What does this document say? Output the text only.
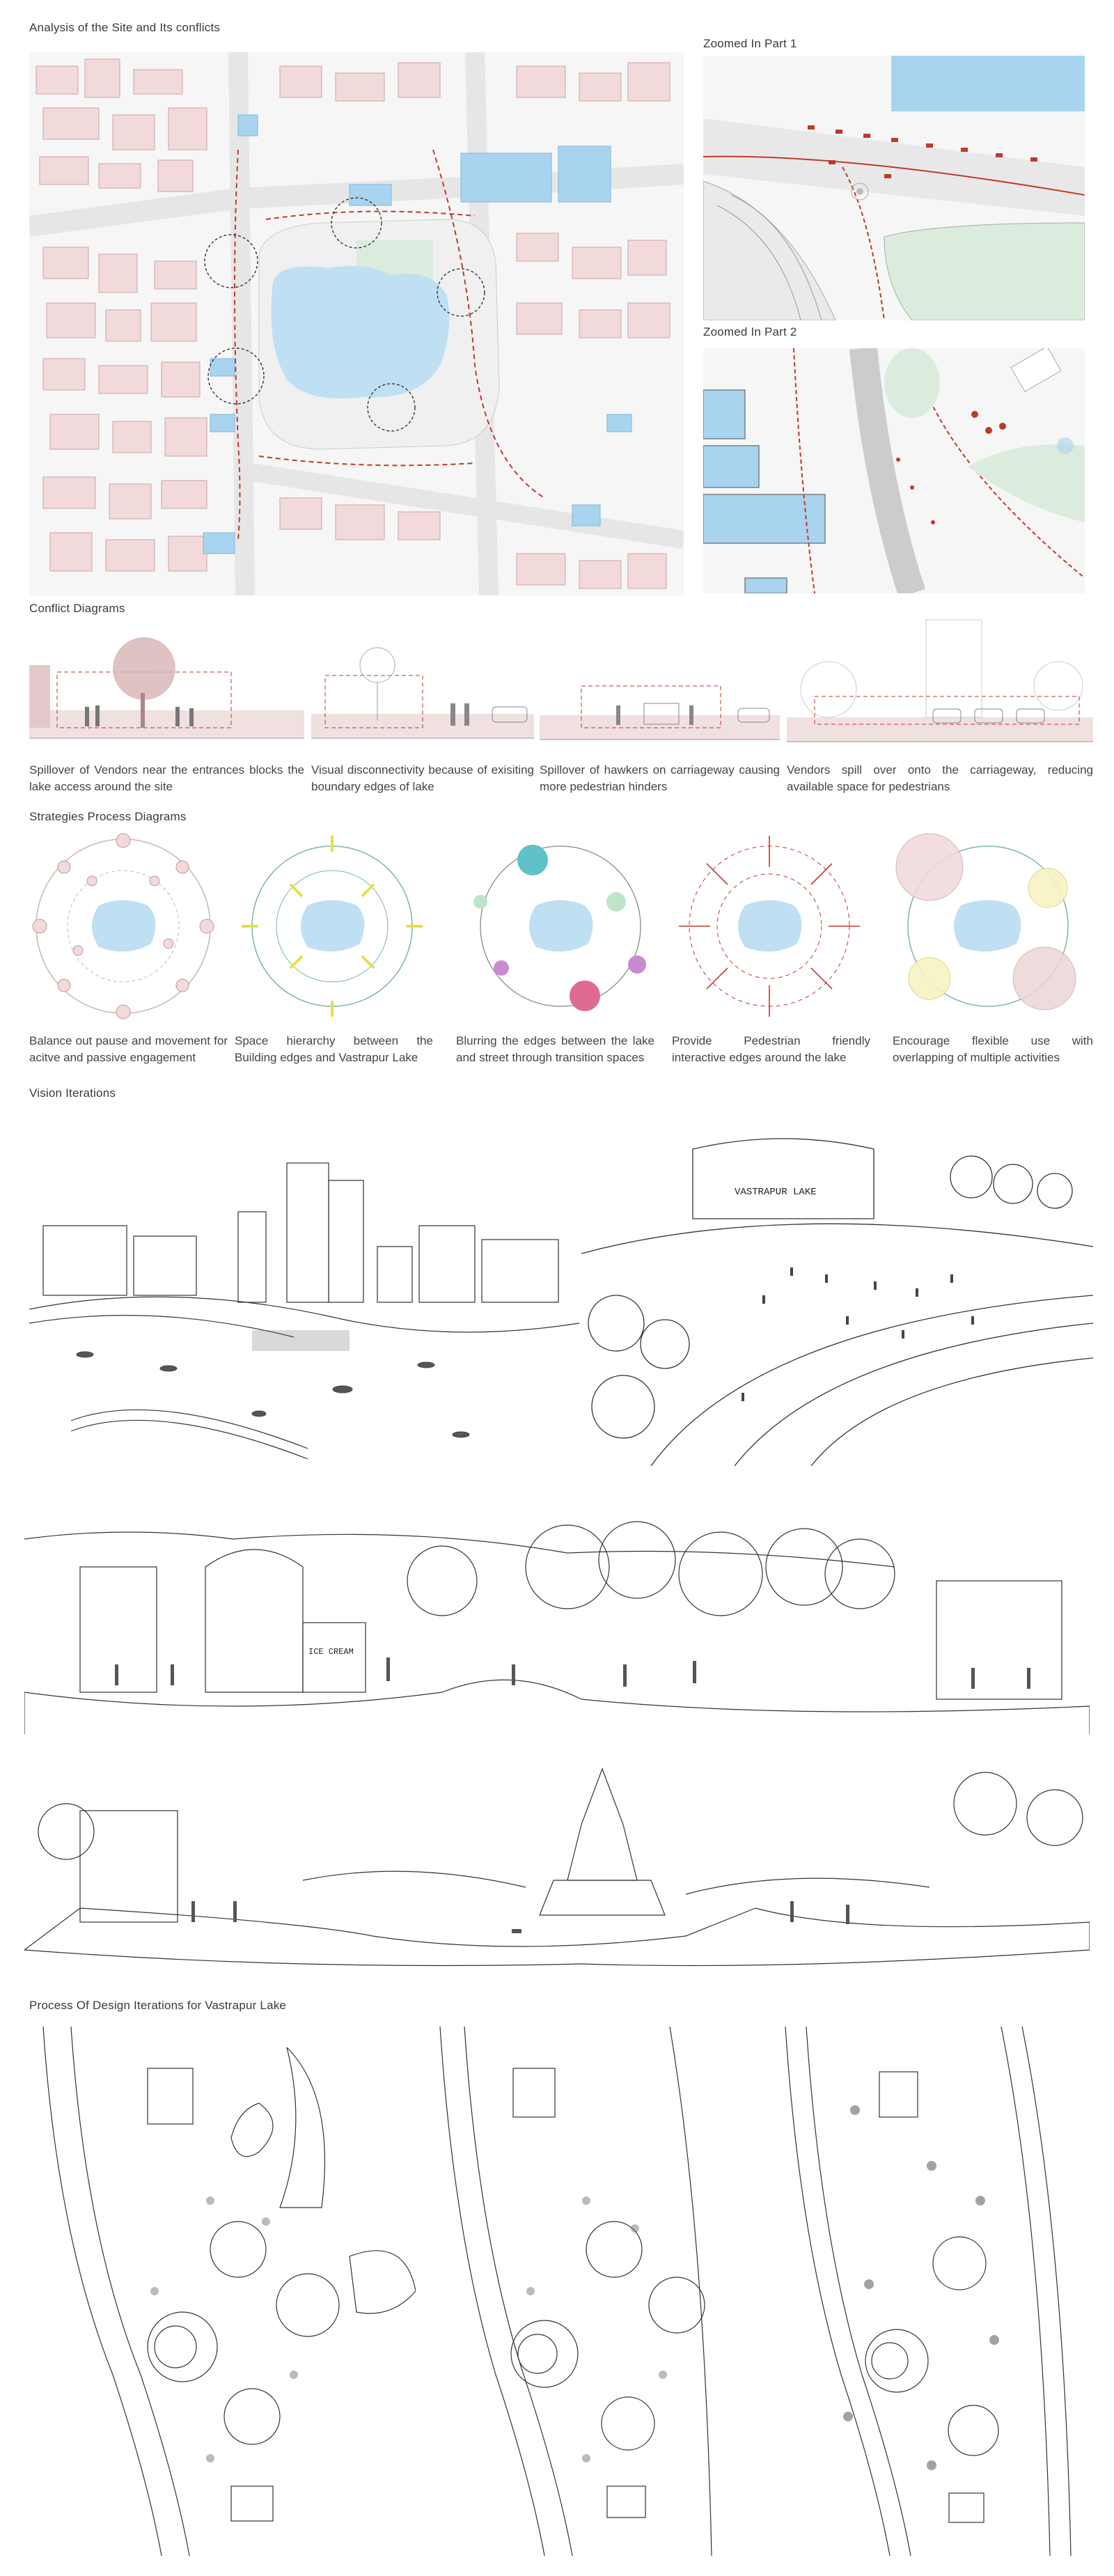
Analysis of the Site and Its conflicts
Zoomed In Part 1
Zoomed In Part 2
Conflict Diagrams
Spillover of Vendors near the entrances blocks the lake access around the site
Visual disconnectivity because of exisiting boundary edges of lake
Spillover of hawkers on carriageway causing more pedestrian hinders
Vendors spill over onto the carriageway, reducing available space for pedestrians
Strategies Process Diagrams
Balance out pause and movement for acitve and passive engagement
Space hierarchy between the Building edges and Vastrapur Lake
Blurring the edges between the lake and street through transition spaces
Provide Pedestrian friendly interactive edges around the lake
Encourage flexible use with overlapping of multiple activities
Vision Iterations
VASTRAPUR LAKE
ICE CREAM
Process Of Design Iterations for Vastrapur Lake
